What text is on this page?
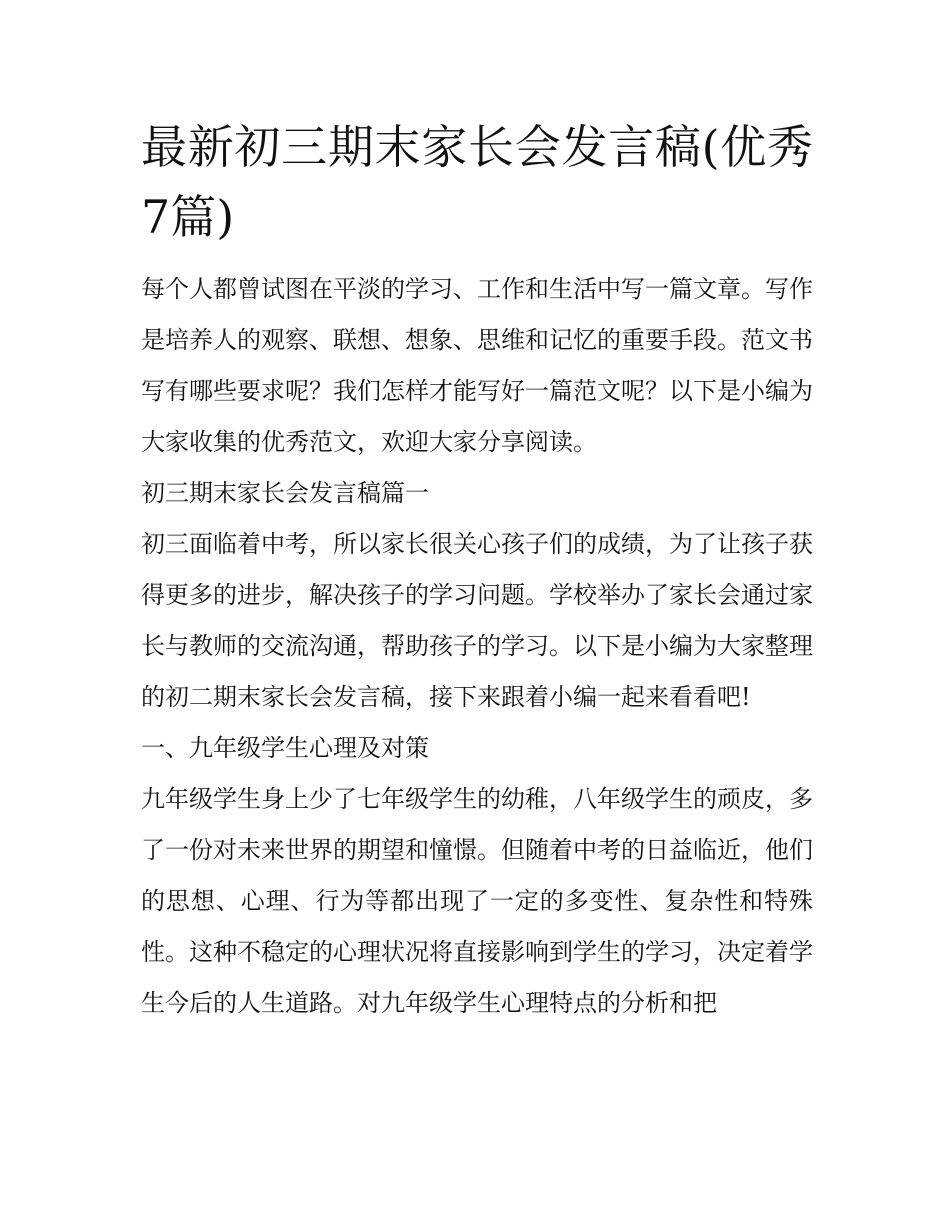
最新初三期末家长会发言稿(优秀7篇)

每个人都曾试图在平淡的学习、工作和生活中写一篇文章。写作是培养人的观察、联想、想象、思维和记忆的重要手段。范文书写有哪些要求呢？我们怎样才能写好一篇范文呢？以下是小编为大家收集的优秀范文，欢迎大家分享阅读。

初三期末家长会发言稿篇一

初三面临着中考，所以家长很关心孩子们的成绩，为了让孩子获得更多的进步，解决孩子的学习问题。学校举办了家长会通过家长与教师的交流沟通，帮助孩子的学习。以下是小编为大家整理的初二期末家长会发言稿，接下来跟着小编一起来看看吧!

一、九年级学生心理及对策

九年级学生身上少了七年级学生的幼稚，八年级学生的顽皮，多了一份对未来世界的期望和憧憬。但随着中考的日益临近，他们的思想、心理、行为等都出现了一定的多变性、复杂性和特殊性。这种不稳定的心理状况将直接影响到学生的学习，决定着学生今后的人生道路。对九年级学生心理特点的分析和把
